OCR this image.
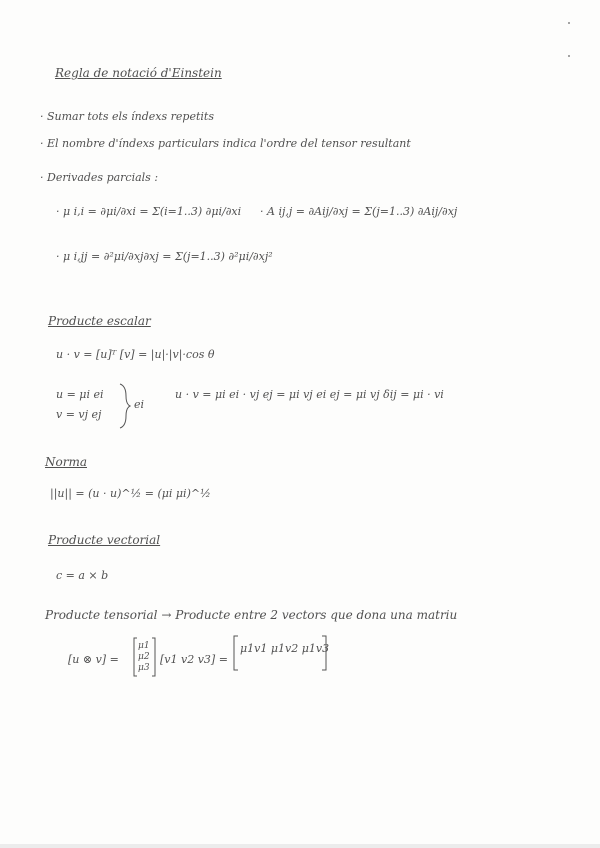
Regla de notació d'Einstein
· Sumar tots els índexs repetits
· El nombre d'índexs particulars indica l'ordre del tensor resultant
· Derivades parcials :
· μ i,i = ∂μi/∂xi = Σ(i=1..3) ∂μi/∂xi · A ij,j = ∂Aij/∂xj = Σ(j=1..3) ∂Aij/∂xj
· μ i,jj = ∂²μi/∂xj∂xj = Σ(j=1..3) ∂²μi/∂xj²
Producte escalar
u · v = [u]ᵀ [v] = |u|·|v|·cos θ
u = μi ei
v = vj ej
ei
u · v = μi ei · vj ej = μi vj ei ej = μi vj δij = μi · vi
Norma
||u|| = (u · u)^½ = (μi μi)^½
Producte vectorial
c = a × b
Producte tensorial → Producte entre 2 vectors que dona una matriu
[u ⊗ v] =
μ1
μ2
μ3
[v1 v2 v3] =
μ1v1 μ1v2 μ1v3
